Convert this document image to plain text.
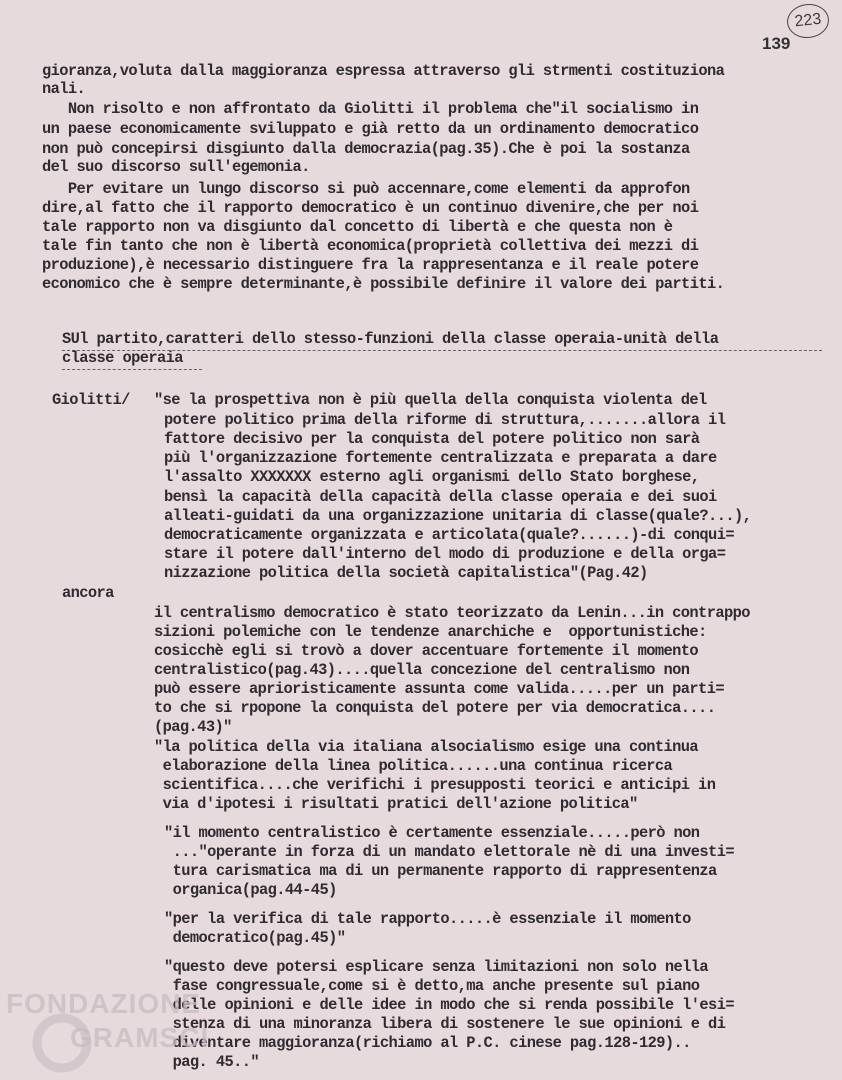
223
139
gioranza,voluta dalla maggioranza espressa attraverso gli strmenti costituziona
nali.
Non risolto e non affrontato da Giolitti il problema che"il socialismo in
un paese economicamente sviluppato e già retto da un ordinamento democratico
non può concepirsi disgiunto dalla democrazia(pag.35).Che è poi la sostanza
del suo discorso sull'egemonia.
Per evitare un lungo discorso si può accennare,come elementi da approfon
dire,al fatto che il rapporto democratico è un continuo divenire,che per noi
tale rapporto non va disgiunto dal concetto di libertà e che questa non è
tale fin tanto che non è libertà economica(proprietà collettiva dei mezzi di
produzione),è necessario distinguere fra la rappresentanza e il reale potere
economico che è sempre determinante,è possibile definire il valore dei partiti.
SUl partito,caratteri dello stesso-funzioni della classe operaia-unità della
classe operaia
Giolitti/ "se la prospettiva non è più quella della conquista violenta del
potere politico prima della riforme di struttura,.......allora il
fattore decisivo per la conquista del potere politico non sarà
più l'organizzazione fortemente centralizzata e preparata a dare
l'assalto XXXXXXX esterno agli organismi dello Stato borghese,
bensì la capacità della capacità della classe operaia e dei suoi
alleati-guidati da una organizzazione unitaria di classe(quale?...),
democraticamente organizzata e articolata(quale?......)-di conqui=
stare il potere dall'interno del modo di produzione e della orga=
nizzazione politica della società capitalistica"(Pag.42)
ancora
il centralismo democratico è stato teorizzato da Lenin...in contrappo
sizioni polemiche con le tendenze anarchiche e  opportunistiche:
cosicchè egli si trovò a dover accentuare fortemente il momento
centralistico(pag.43)....quella concezione del centralismo non
può essere aprioristicamente assunta come valida.....per un parti=
to che si rpopone la conquista del potere per via democratica....
(pag.43)"
"la politica della via italiana alsocialismo esige una continua
elaborazione della linea politica......una continua ricerca
scientifica....che verifichi i presupposti teorici e anticipi in
via d'ipotesi i risultati pratici dell'azione politica"
"il momento centralistico è certamente essenziale.....però non
..."operante in forza di un mandato elettorale nè di una investi=
tura carismatica ma di un permanente rapporto di rappresentenza
organica(pag.44-45)
"per la verifica di tale rapporto.....è essenziale il momento
democratico(pag.45)"
"questo deve potersi esplicare senza limitazioni non solo nella
fase congressuale,come si è detto,ma anche presente sul piano
delle opinioni e delle idee in modo che si renda possibile l'esi=
stenza di una minoranza libera di sostenere le sue opinioni e di
diventare maggioranza(richiamo al P.C. cinese pag.128-129)..
pag. 45.."
FONDAZIONE
GRAMSCI
